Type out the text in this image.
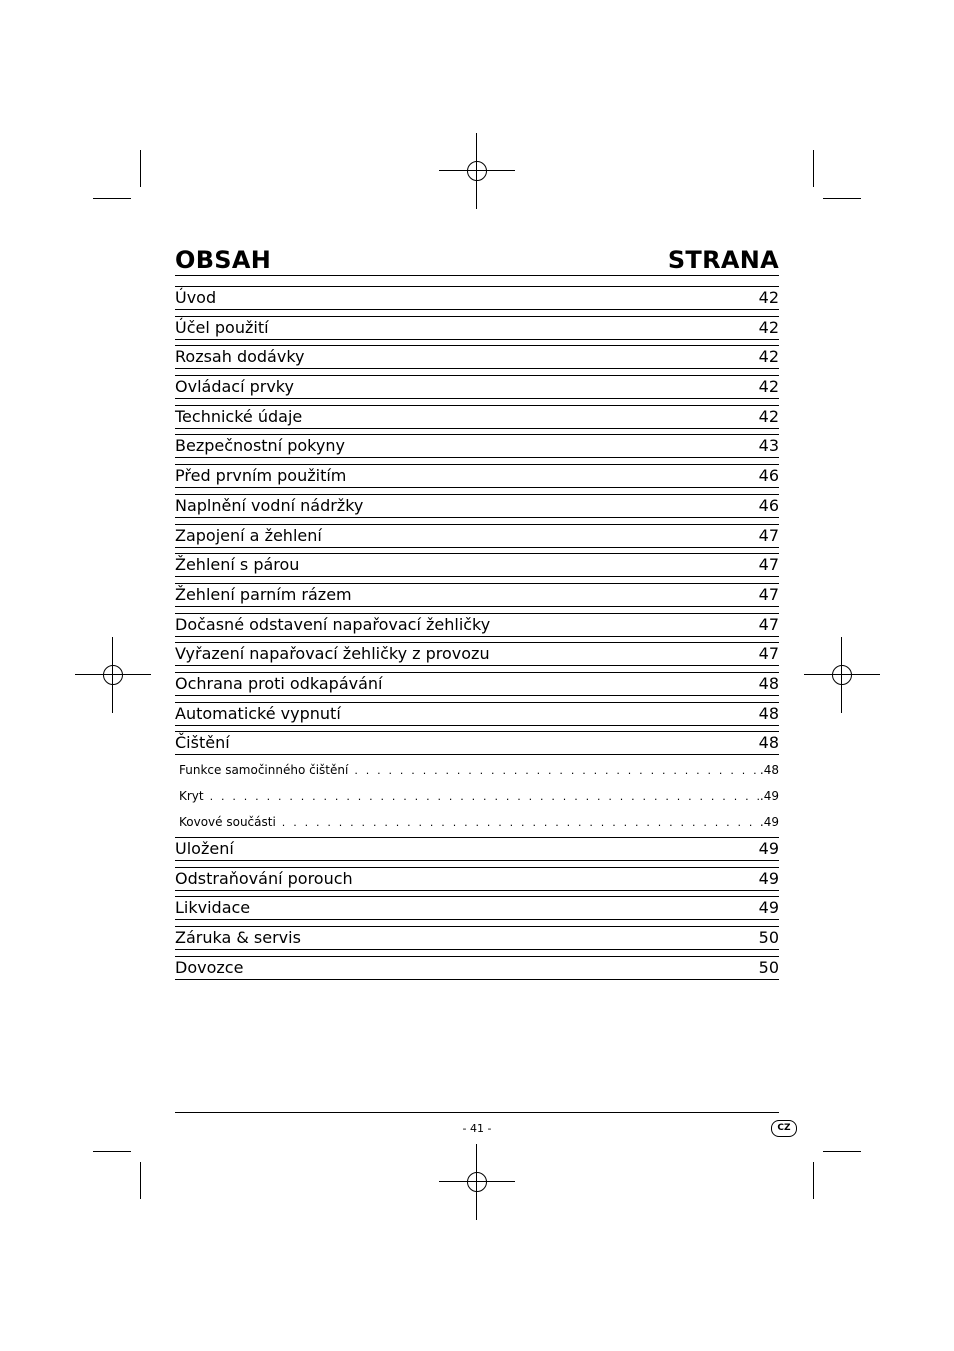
OBSAH	STRANA
Úvod	42
Účel použití	42
Rozsah dodávky	42
Ovládací prvky	42
Technické údaje	42
Bezpečnostní pokyny	43
Před prvním použitím	46
Naplnění vodní nádržky	46
Zapojení a žehlení	47
Žehlení s párou	47
Žehlení parním rázem	47
Dočasné odstavení napařovací žehličky	47
Vyřazení napařovací žehličky z provozu	47
Ochrana proti odkapávání	48
Automatické vypnutí	48
Čištění	48
Funkce samočinného čištění . . .	.48
Kryt . . .	.49
Kovové součásti . . .	.49
Uložení	49
Odstraňování porouch	49
Likvidace	49
Záruka & servis	50
Dovozce	50
- 41 -	CZ
